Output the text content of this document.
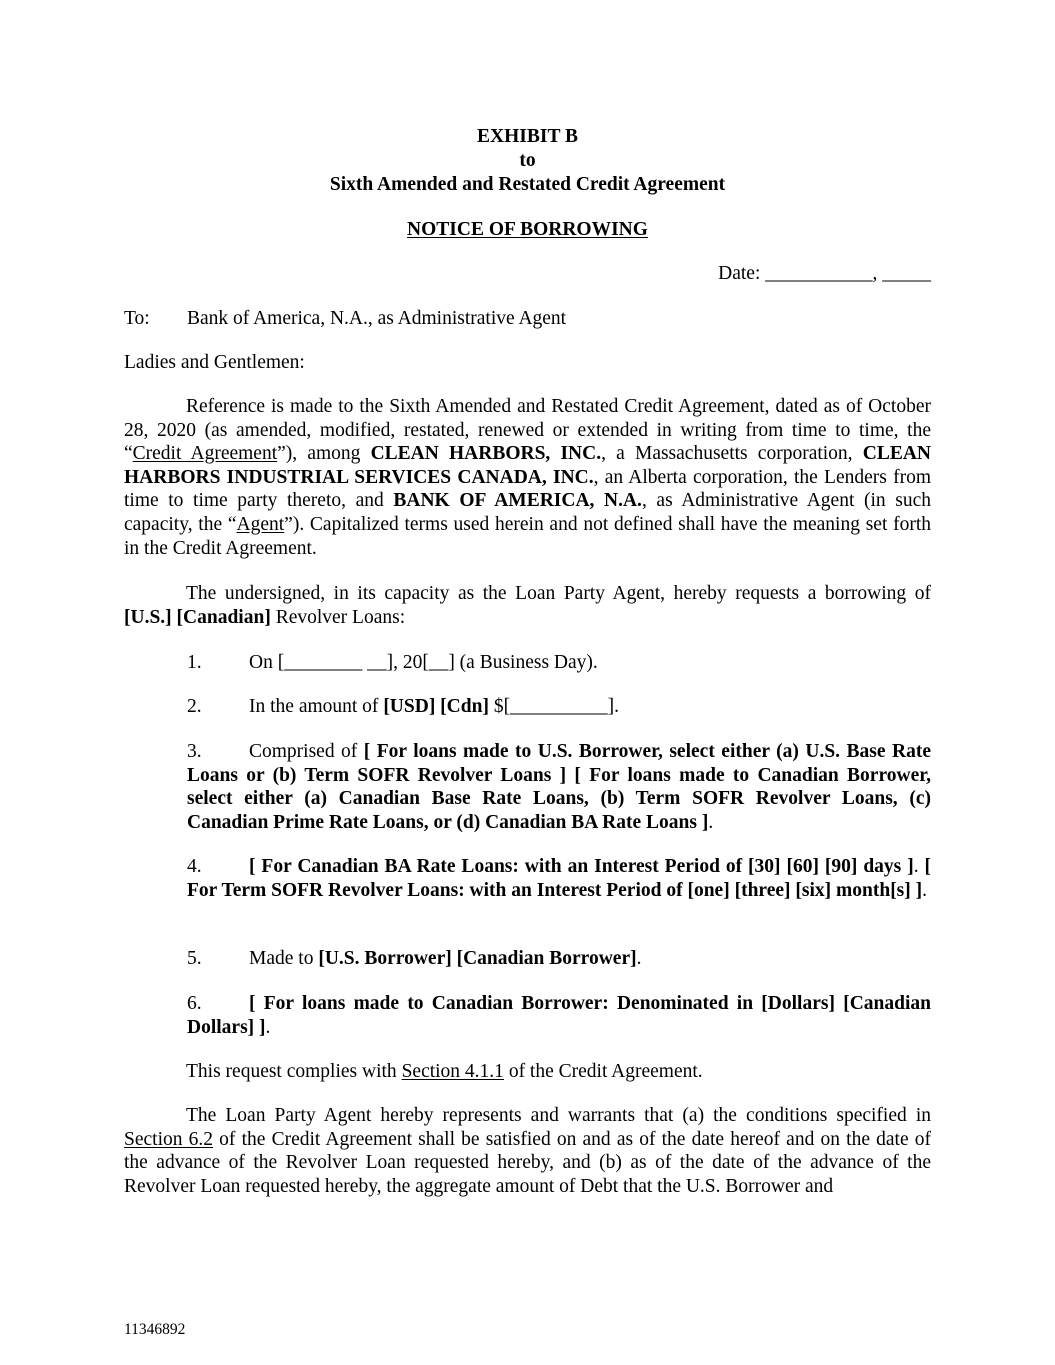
EXHIBIT B
to
Sixth Amended and Restated Credit Agreement
NOTICE OF BORROWING
Date: ___________, _____
To: Bank of America, N.A., as Administrative Agent
Ladies and Gentlemen:

Reference is made to the Sixth Amended and Restated Credit Agreement, dated as of October 28, 2020 (as amended, modified, restated, renewed or extended in writing from time to time, the “Credit Agreement”), among CLEAN HARBORS, INC., a Massachusetts corporation, CLEAN HARBORS INDUSTRIAL SERVICES CANADA, INC., an Alberta corporation, the Lenders from time to time party thereto, and BANK OF AMERICA, N.A., as Administrative Agent (in such capacity, the “Agent”). Capitalized terms used herein and not defined shall have the meaning set forth in the Credit Agreement.

The undersigned, in its capacity as the Loan Party Agent, hereby requests a borrowing of [U.S.] [Canadian] Revolver Loans:

1. On [________ __], 20[__] (a Business Day).

2. In the amount of [USD] [Cdn] $[__________].

3. Comprised of [ For loans made to U.S. Borrower, select either (a) U.S. Base Rate Loans or (b) Term SOFR Revolver Loans ] [ For loans made to Canadian Borrower, select either (a) Canadian Base Rate Loans, (b) Term SOFR Revolver Loans, (c) Canadian Prime Rate Loans, or (d) Canadian BA Rate Loans ].

4. [ For Canadian BA Rate Loans: with an Interest Period of [30] [60] [90] days ]. [ For Term SOFR Revolver Loans: with an Interest Period of [one] [three] [six] month[s] ].

5. Made to [U.S. Borrower] [Canadian Borrower].

6. [ For loans made to Canadian Borrower: Denominated in [Dollars] [Canadian Dollars] ].

This request complies with Section 4.1.1 of the Credit Agreement.

The Loan Party Agent hereby represents and warrants that (a) the conditions specified in Section 6.2 of the Credit Agreement shall be satisfied on and as of the date hereof and on the date of the advance of the Revolver Loan requested hereby, and (b) as of the date of the advance of the Revolver Loan requested hereby, the aggregate amount of Debt that the U.S. Borrower and

11346892
